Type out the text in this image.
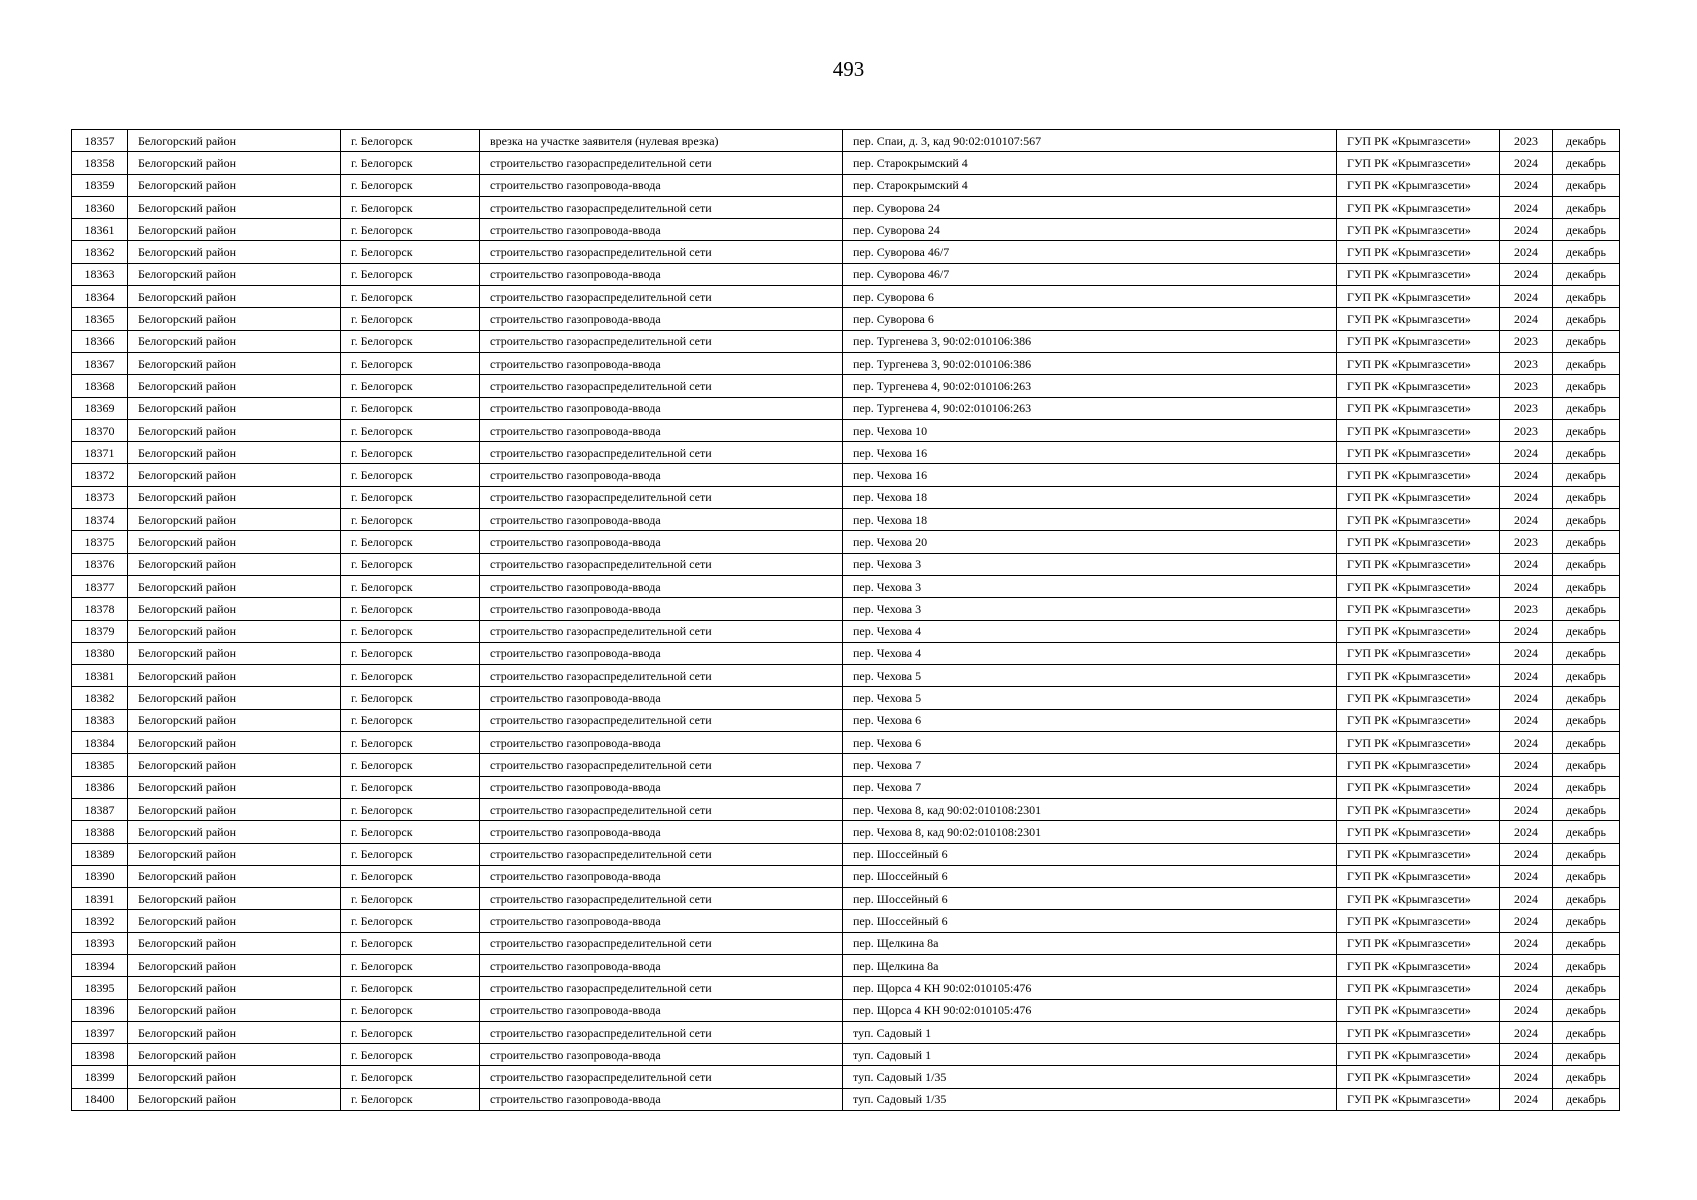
493
18357	Белогорский район	г. Белогорск	врезка на участке заявителя (нулевая врезка)	пер. Спаи, д. 3, кад 90:02:010107:567	ГУП РК «Крымгазсети»	2023	декабрь
18358	Белогорский район	г. Белогорск	строительство газораспределительной сети	пер. Старокрымский 4	ГУП РК «Крымгазсети»	2024	декабрь
18359	Белогорский район	г. Белогорск	строительство газопровода-ввода	пер. Старокрымский 4	ГУП РК «Крымгазсети»	2024	декабрь
18360	Белогорский район	г. Белогорск	строительство газораспределительной сети	пер. Суворова 24	ГУП РК «Крымгазсети»	2024	декабрь
18361	Белогорский район	г. Белогорск	строительство газопровода-ввода	пер. Суворова 24	ГУП РК «Крымгазсети»	2024	декабрь
18362	Белогорский район	г. Белогорск	строительство газораспределительной сети	пер. Суворова 46/7	ГУП РК «Крымгазсети»	2024	декабрь
18363	Белогорский район	г. Белогорск	строительство газопровода-ввода	пер. Суворова 46/7	ГУП РК «Крымгазсети»	2024	декабрь
18364	Белогорский район	г. Белогорск	строительство газораспределительной сети	пер. Суворова 6	ГУП РК «Крымгазсети»	2024	декабрь
18365	Белогорский район	г. Белогорск	строительство газопровода-ввода	пер. Суворова 6	ГУП РК «Крымгазсети»	2024	декабрь
18366	Белогорский район	г. Белогорск	строительство газораспределительной сети	пер. Тургенева 3, 90:02:010106:386	ГУП РК «Крымгазсети»	2023	декабрь
18367	Белогорский район	г. Белогорск	строительство газопровода-ввода	пер. Тургенева 3, 90:02:010106:386	ГУП РК «Крымгазсети»	2023	декабрь
18368	Белогорский район	г. Белогорск	строительство газораспределительной сети	пер. Тургенева 4, 90:02:010106:263	ГУП РК «Крымгазсети»	2023	декабрь
18369	Белогорский район	г. Белогорск	строительство газопровода-ввода	пер. Тургенева 4, 90:02:010106:263	ГУП РК «Крымгазсети»	2023	декабрь
18370	Белогорский район	г. Белогорск	строительство газопровода-ввода	пер. Чехова 10	ГУП РК «Крымгазсети»	2023	декабрь
18371	Белогорский район	г. Белогорск	строительство газораспределительной сети	пер. Чехова 16	ГУП РК «Крымгазсети»	2024	декабрь
18372	Белогорский район	г. Белогорск	строительство газопровода-ввода	пер. Чехова 16	ГУП РК «Крымгазсети»	2024	декабрь
18373	Белогорский район	г. Белогорск	строительство газораспределительной сети	пер. Чехова 18	ГУП РК «Крымгазсети»	2024	декабрь
18374	Белогорский район	г. Белогорск	строительство газопровода-ввода	пер. Чехова 18	ГУП РК «Крымгазсети»	2024	декабрь
18375	Белогорский район	г. Белогорск	строительство газопровода-ввода	пер. Чехова 20	ГУП РК «Крымгазсети»	2023	декабрь
18376	Белогорский район	г. Белогорск	строительство газораспределительной сети	пер. Чехова 3	ГУП РК «Крымгазсети»	2024	декабрь
18377	Белогорский район	г. Белогорск	строительство газопровода-ввода	пер. Чехова 3	ГУП РК «Крымгазсети»	2024	декабрь
18378	Белогорский район	г. Белогорск	строительство газопровода-ввода	пер. Чехова 3	ГУП РК «Крымгазсети»	2023	декабрь
18379	Белогорский район	г. Белогорск	строительство газораспределительной сети	пер. Чехова 4	ГУП РК «Крымгазсети»	2024	декабрь
18380	Белогорский район	г. Белогорск	строительство газопровода-ввода	пер. Чехова 4	ГУП РК «Крымгазсети»	2024	декабрь
18381	Белогорский район	г. Белогорск	строительство газораспределительной сети	пер. Чехова 5	ГУП РК «Крымгазсети»	2024	декабрь
18382	Белогорский район	г. Белогорск	строительство газопровода-ввода	пер. Чехова 5	ГУП РК «Крымгазсети»	2024	декабрь
18383	Белогорский район	г. Белогорск	строительство газораспределительной сети	пер. Чехова 6	ГУП РК «Крымгазсети»	2024	декабрь
18384	Белогорский район	г. Белогорск	строительство газопровода-ввода	пер. Чехова 6	ГУП РК «Крымгазсети»	2024	декабрь
18385	Белогорский район	г. Белогорск	строительство газораспределительной сети	пер. Чехова 7	ГУП РК «Крымгазсети»	2024	декабрь
18386	Белогорский район	г. Белогорск	строительство газопровода-ввода	пер. Чехова 7	ГУП РК «Крымгазсети»	2024	декабрь
18387	Белогорский район	г. Белогорск	строительство газораспределительной сети	пер. Чехова 8, кад 90:02:010108:2301	ГУП РК «Крымгазсети»	2024	декабрь
18388	Белогорский район	г. Белогорск	строительство газопровода-ввода	пер. Чехова 8, кад 90:02:010108:2301	ГУП РК «Крымгазсети»	2024	декабрь
18389	Белогорский район	г. Белогорск	строительство газораспределительной сети	пер. Шоссейный 6	ГУП РК «Крымгазсети»	2024	декабрь
18390	Белогорский район	г. Белогорск	строительство газопровода-ввода	пер. Шоссейный 6	ГУП РК «Крымгазсети»	2024	декабрь
18391	Белогорский район	г. Белогорск	строительство газораспределительной сети	пер. Шоссейный 6	ГУП РК «Крымгазсети»	2024	декабрь
18392	Белогорский район	г. Белогорск	строительство газопровода-ввода	пер. Шоссейный 6	ГУП РК «Крымгазсети»	2024	декабрь
18393	Белогорский район	г. Белогорск	строительство газораспределительной сети	пер. Щелкина 8а	ГУП РК «Крымгазсети»	2024	декабрь
18394	Белогорский район	г. Белогорск	строительство газопровода-ввода	пер. Щелкина 8а	ГУП РК «Крымгазсети»	2024	декабрь
18395	Белогорский район	г. Белогорск	строительство газораспределительной сети	пер. Щорса 4 КН 90:02:010105:476	ГУП РК «Крымгазсети»	2024	декабрь
18396	Белогорский район	г. Белогорск	строительство газопровода-ввода	пер. Щорса 4 КН 90:02:010105:476	ГУП РК «Крымгазсети»	2024	декабрь
18397	Белогорский район	г. Белогорск	строительство газораспределительной сети	туп. Садовый 1	ГУП РК «Крымгазсети»	2024	декабрь
18398	Белогорский район	г. Белогорск	строительство газопровода-ввода	туп. Садовый 1	ГУП РК «Крымгазсети»	2024	декабрь
18399	Белогорский район	г. Белогорск	строительство газораспределительной сети	туп. Садовый 1/35	ГУП РК «Крымгазсети»	2024	декабрь
18400	Белогорский район	г. Белогорск	строительство газопровода-ввода	туп. Садовый 1/35	ГУП РК «Крымгазсети»	2024	декабрь
